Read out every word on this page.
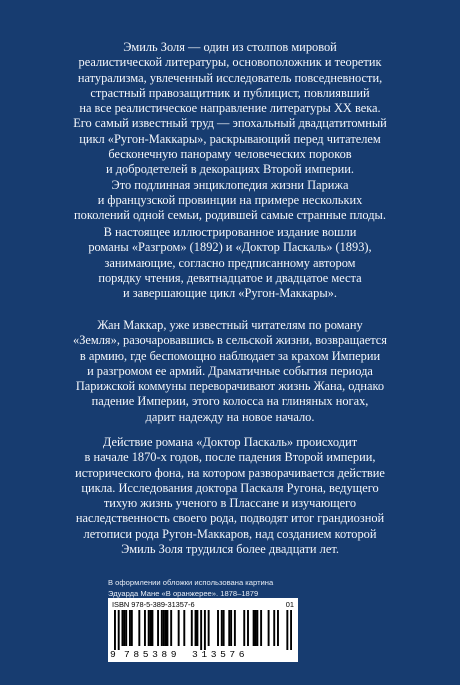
Эмиль Золя — один из столпов мировой
реалистической литературы, основоположник и теоретик
натурализма, увлеченный исследователь повседневности,
страстный правозащитник и публицист, повлиявший
на все реалистическое направление литературы XX века.
Его самый известный труд — эпохальный двадцатитомный
цикл «Ругон-Маккары», раскрывающий перед читателем
бесконечную панораму человеческих пороков
и добродетелей в декорациях Второй империи.
Это подлинная энциклопедия жизни Парижа
и французской провинции на примере нескольких
поколений одной семьи, родившей самые странные плоды.
В настоящее иллюстрированное издание вошли
романы «Разгром» (1892) и «Доктор Паскаль» (1893),
занимающие, согласно предписанному автором
порядку чтения, девятнадцатое и двадцатое места
и завершающие цикл «Ругон-Маккары».
Жан Маккар, уже известный читателям по роману
«Земля», разочаровавшись в сельской жизни, возвращается
в армию, где беспомощно наблюдает за крахом Империи
и разгромом ее армий. Драматичные события периода
Парижской коммуны переворачивают жизнь Жана, однако
падение Империи, этого колосса на глиняных ногах,
дарит надежду на новое начало.
Действие романа «Доктор Паскаль» происходит
в начале 1870-х годов, после падения Второй империи,
исторического фона, на котором разворачивается действие
цикла. Исследования доктора Паскаля Ругона, ведущего
тихую жизнь ученого в Плассане и изучающего
наследственность своего рода, подводят итог грандиозной
летописи рода Ругон-Маккаров, над созданием которой
Эмиль Золя трудился более двадцати лет.
В оформлении обложки использована картина
Эдуарда Мане «В оранжерее». 1878–1879
ISBN 978-5-389-31357-6	01
9 785389 313576
